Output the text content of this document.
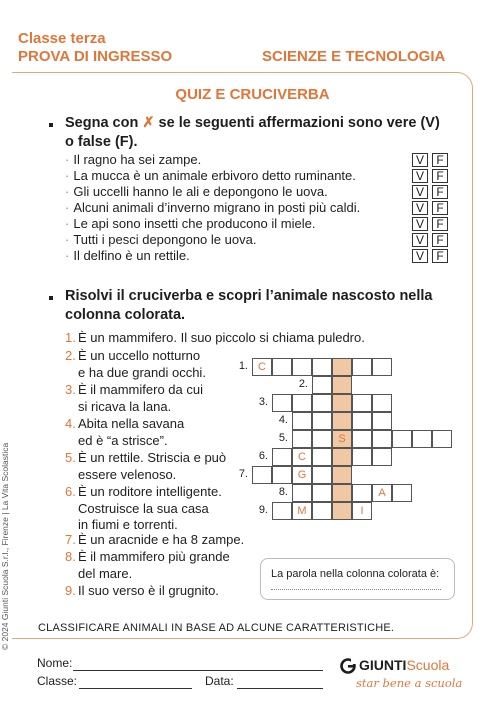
Classe terza
PROVA DI INGRESSO	SCIENZE E TECNOLOGIA
QUIZ E CRUCIVERBA
Segna con ✗ se le seguenti affermazioni sono vere (V)
o false (F).
· Il ragno ha sei zampe.	V	F
· La mucca è un animale erbivoro detto ruminante.	V	F
· Gli uccelli hanno le ali e depongono le uova.	V	F
· Alcuni animali d’inverno migrano in posti più caldi.	V	F
· Le api sono insetti che producono il miele.	V	F
· Tutti i pesci depongono le uova.	V	F
· Il delfino è un rettile.	V	F
Risolvi il cruciverba e scopri l’animale nascosto nella
colonna colorata.
1. È un mammifero. Il suo piccolo si chiama puledro.
2. È un uccello notturno
e ha due grandi occhi.
3. È il mammifero da cui
si ricava la lana.
4. Abita nella savana
ed è “a strisce”.
5. È un rettile. Striscia e può
essere velenoso.
6. È un roditore intelligente.
Costruisce la sua casa
in fiumi e torrenti.
7. È un aracnide e ha 8 zampe.
8. È il mammifero più grande
del mare.
9. Il suo verso è il grugnito.
1. C
2.
3.
4.
5.	S
6.	C
7.	G
8.	A
9.	M	I
La parola nella colonna colorata è:
CLASSIFICARE ANIMALI IN BASE AD ALCUNE CARATTERISTICHE.
© 2024 Giunti Scuola S.r.l., Firenze | La Vita Scolastica
Nome:
Classe:	Data:
GIUNTIScuola
star bene a scuola
